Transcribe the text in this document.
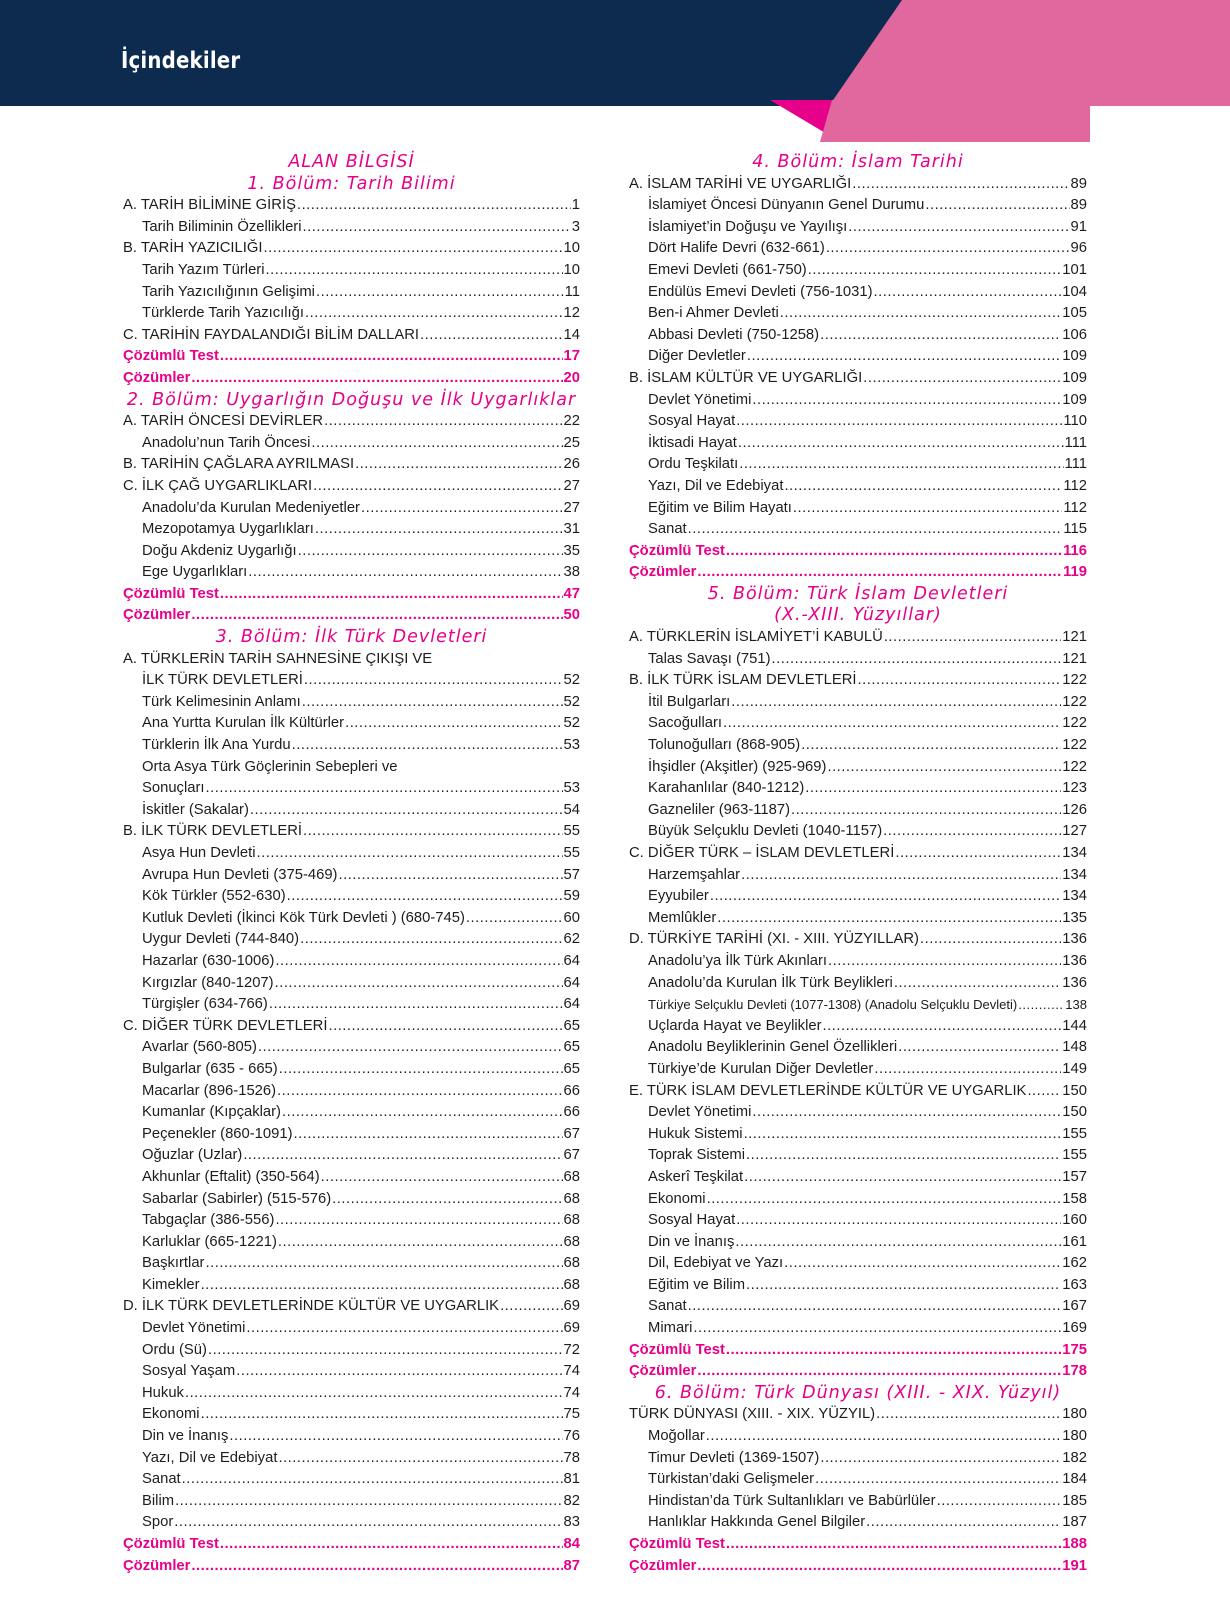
İçindekiler
ALAN BİLGİSİ
1. Bölüm: Tarih Bilimi
A. TARİH BİLİMİNE GİRİŞ .....	1
Tarih Biliminin Özellikleri .....	3
B. TARİH YAZICILIĞI .....	10
Tarih Yazım Türleri .....	10
Tarih Yazıcılığının Gelişimi .....	11
Türklerde Tarih Yazıcılığı .....	12
C. TARİHİN FAYDALANDIĞI BİLİM DALLARI .....	14
Çözümlü Test .....	17
Çözümler .....	20
2. Bölüm: Uygarlığın Doğuşu ve İlk Uygarlıklar
A. TARİH ÖNCESİ DEVİRLER .....	22
Anadolu’nun Tarih Öncesi .....	25
B. TARİHİN ÇAĞLARA AYRILMASI .....	26
C. İLK ÇAĞ UYGARLIKLARI .....	27
Anadolu’da Kurulan Medeniyetler .....	27
Mezopotamya Uygarlıkları .....	31
Doğu Akdeniz Uygarlığı .....	35
Ege Uygarlıkları .....	38
Çözümlü Test .....	47
Çözümler .....	50
3. Bölüm: İlk Türk Devletleri
A. TÜRKLERİN TARİH SAHNESİNE ÇIKIŞI VE
İLK TÜRK DEVLETLERİ .....	52
Türk Kelimesinin Anlamı .....	52
Ana Yurtta Kurulan İlk Kültürler .....	52
Türklerin İlk Ana Yurdu .....	53
Orta Asya Türk Göçlerinin Sebepleri ve
Sonuçları .....	53
İskitler (Sakalar) .....	54
B. İLK TÜRK DEVLETLERİ .....	55
Asya Hun Devleti .....	55
Avrupa Hun Devleti (375-469) .....	57
Kök Türkler (552-630) .....	59
Kutluk Devleti (İkinci Kök Türk Devleti ) (680-745) .....	60
Uygur Devleti (744-840) .....	62
Hazarlar (630-1006) .....	64
Kırgızlar (840-1207) .....	64
Türgişler (634-766) .....	64
C. DİĞER TÜRK DEVLETLERİ .....	65
Avarlar (560-805) .....	65
Bulgarlar (635 - 665) .....	65
Macarlar (896-1526) .....	66
Kumanlar (Kıpçaklar) .....	66
Peçenekler (860-1091) .....	67
Oğuzlar (Uzlar) .....	67
Akhunlar (Eftalit) (350-564) .....	68
Sabarlar (Sabirler) (515-576) .....	68
Tabgaçlar (386-556) .....	68
Karluklar (665-1221) .....	68
Başkırtlar .....	68
Kimekler .....	68
D. İLK TÜRK DEVLETLERİNDE KÜLTÜR VE UYGARLIK .....	69
Devlet Yönetimi .....	69
Ordu (Sü) .....	72
Sosyal Yaşam .....	74
Hukuk .....	74
Ekonomi .....	75
Din ve İnanış .....	76
Yazı, Dil ve Edebiyat .....	78
Sanat .....	81
Bilim .....	82
Spor .....	83
Çözümlü Test .....	84
Çözümler .....	87
4. Bölüm: İslam Tarihi
A. İSLAM TARİHİ VE UYGARLIĞI .....	89
İslamiyet Öncesi Dünyanın Genel Durumu .....	89
İslamiyet’in Doğuşu ve Yayılışı .....	91
Dört Halife Devri (632-661) .....	96
Emevi Devleti (661-750) .....	101
Endülüs Emevi Devleti (756-1031) .....	104
Ben-i Ahmer Devleti .....	105
Abbasi Devleti (750-1258) .....	106
Diğer Devletler .....	109
B. İSLAM KÜLTÜR VE UYGARLIĞI .....	109
Devlet Yönetimi .....	109
Sosyal Hayat .....	110
İktisadi Hayat .....	111
Ordu Teşkilatı .....	111
Yazı, Dil ve Edebiyat .....	112
Eğitim ve Bilim Hayatı .....	112
Sanat .....	115
Çözümlü Test .....	116
Çözümler .....	119
5. Bölüm: Türk İslam Devletleri
(X.-XIII. Yüzyıllar)
A. TÜRKLERİN İSLAMİYET’İ KABULÜ .....	121
Talas Savaşı (751) .....	121
B. İLK TÜRK İSLAM DEVLETLERİ .....	122
İtil Bulgarları .....	122
Sacoğulları .....	122
Tolunoğulları (868-905) .....	122
İhşidler (Akşitler) (925-969) .....	122
Karahanlılar (840-1212) .....	123
Gazneliler (963-1187) .....	126
Büyük Selçuklu Devleti (1040-1157) .....	127
C. DİĞER TÜRK – İSLAM DEVLETLERİ .....	134
Harzemşahlar .....	134
Eyyubiler .....	134
Memlûkler .....	135
D. TÜRKİYE TARİHİ (XI. - XIII. YÜZYILLAR) .....	136
Anadolu’ya İlk Türk Akınları .....	136
Anadolu’da Kurulan İlk Türk Beylikleri .....	136
Türkiye Selçuklu Devleti (1077-1308) (Anadolu Selçuklu Devleti) .....	138
Uçlarda Hayat ve Beylikler .....	144
Anadolu Beyliklerinin Genel Özellikleri .....	148
Türkiye’de Kurulan Diğer Devletler .....	149
E. TÜRK İSLAM DEVLETLERİNDE KÜLTÜR VE UYGARLIK ..... 150
Devlet Yönetimi .....	150
Hukuk Sistemi .....	155
Toprak Sistemi .....	155
Askerî Teşkilat .....	157
Ekonomi .....	158
Sosyal Hayat .....	160
Din ve İnanış .....	161
Dil, Edebiyat ve Yazı .....	162
Eğitim ve Bilim .....	163
Sanat .....	167
Mimari .....	169
Çözümlü Test .....	175
Çözümler .....	178
6. Bölüm: Türk Dünyası (XIII. - XIX. Yüzyıl)
TÜRK DÜNYASI (XIII. - XIX. YÜZYIL) .....	180
Moğollar .....	180
Timur Devleti (1369-1507) .....	182
Türkistan’daki Gelişmeler .....	184
Hindistan’da Türk Sultanlıkları ve Babürlüler .....	185
Hanlıklar Hakkında Genel Bilgiler .....	187
Çözümlü Test .....	188
Çözümler .....	191
